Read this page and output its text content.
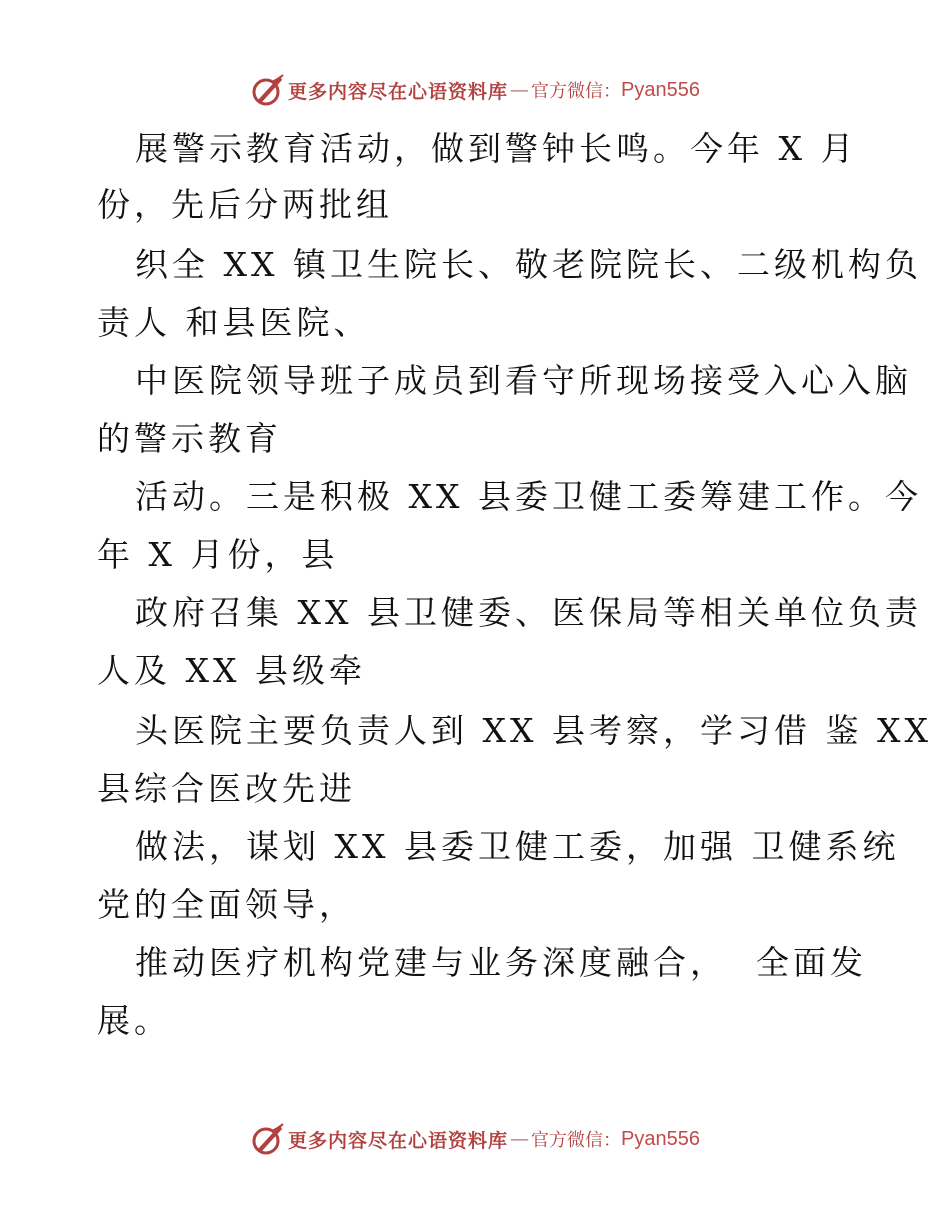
更多内容尽在心语资料库 — 官方微信： Pyan556
展警示教育活动，做到警钟长鸣。今年 X 月
份，先后分两批组
织全 XX 镇卫生院长、敬老院院长、二级机构负
责人 和县医院、
中医院领导班子成员到看守所现场接受入心入脑
的警示教育
活动。三是积极 XX 县委卫健工委筹建工作。今
年 X 月份，县
政府召集 XX 县卫健委、医保局等相关单位负责
人及 XX 县级牵
头医院主要负责人到 XX 县考察，学习借 鉴 XX
县综合医改先进
做法，谋划 XX 县委卫健工委，加强 卫健系统
党的全面领导，
推动医疗机构党建与业务深度融合，  全面发
展。
更多内容尽在心语资料库 — 官方微信： Pyan556
